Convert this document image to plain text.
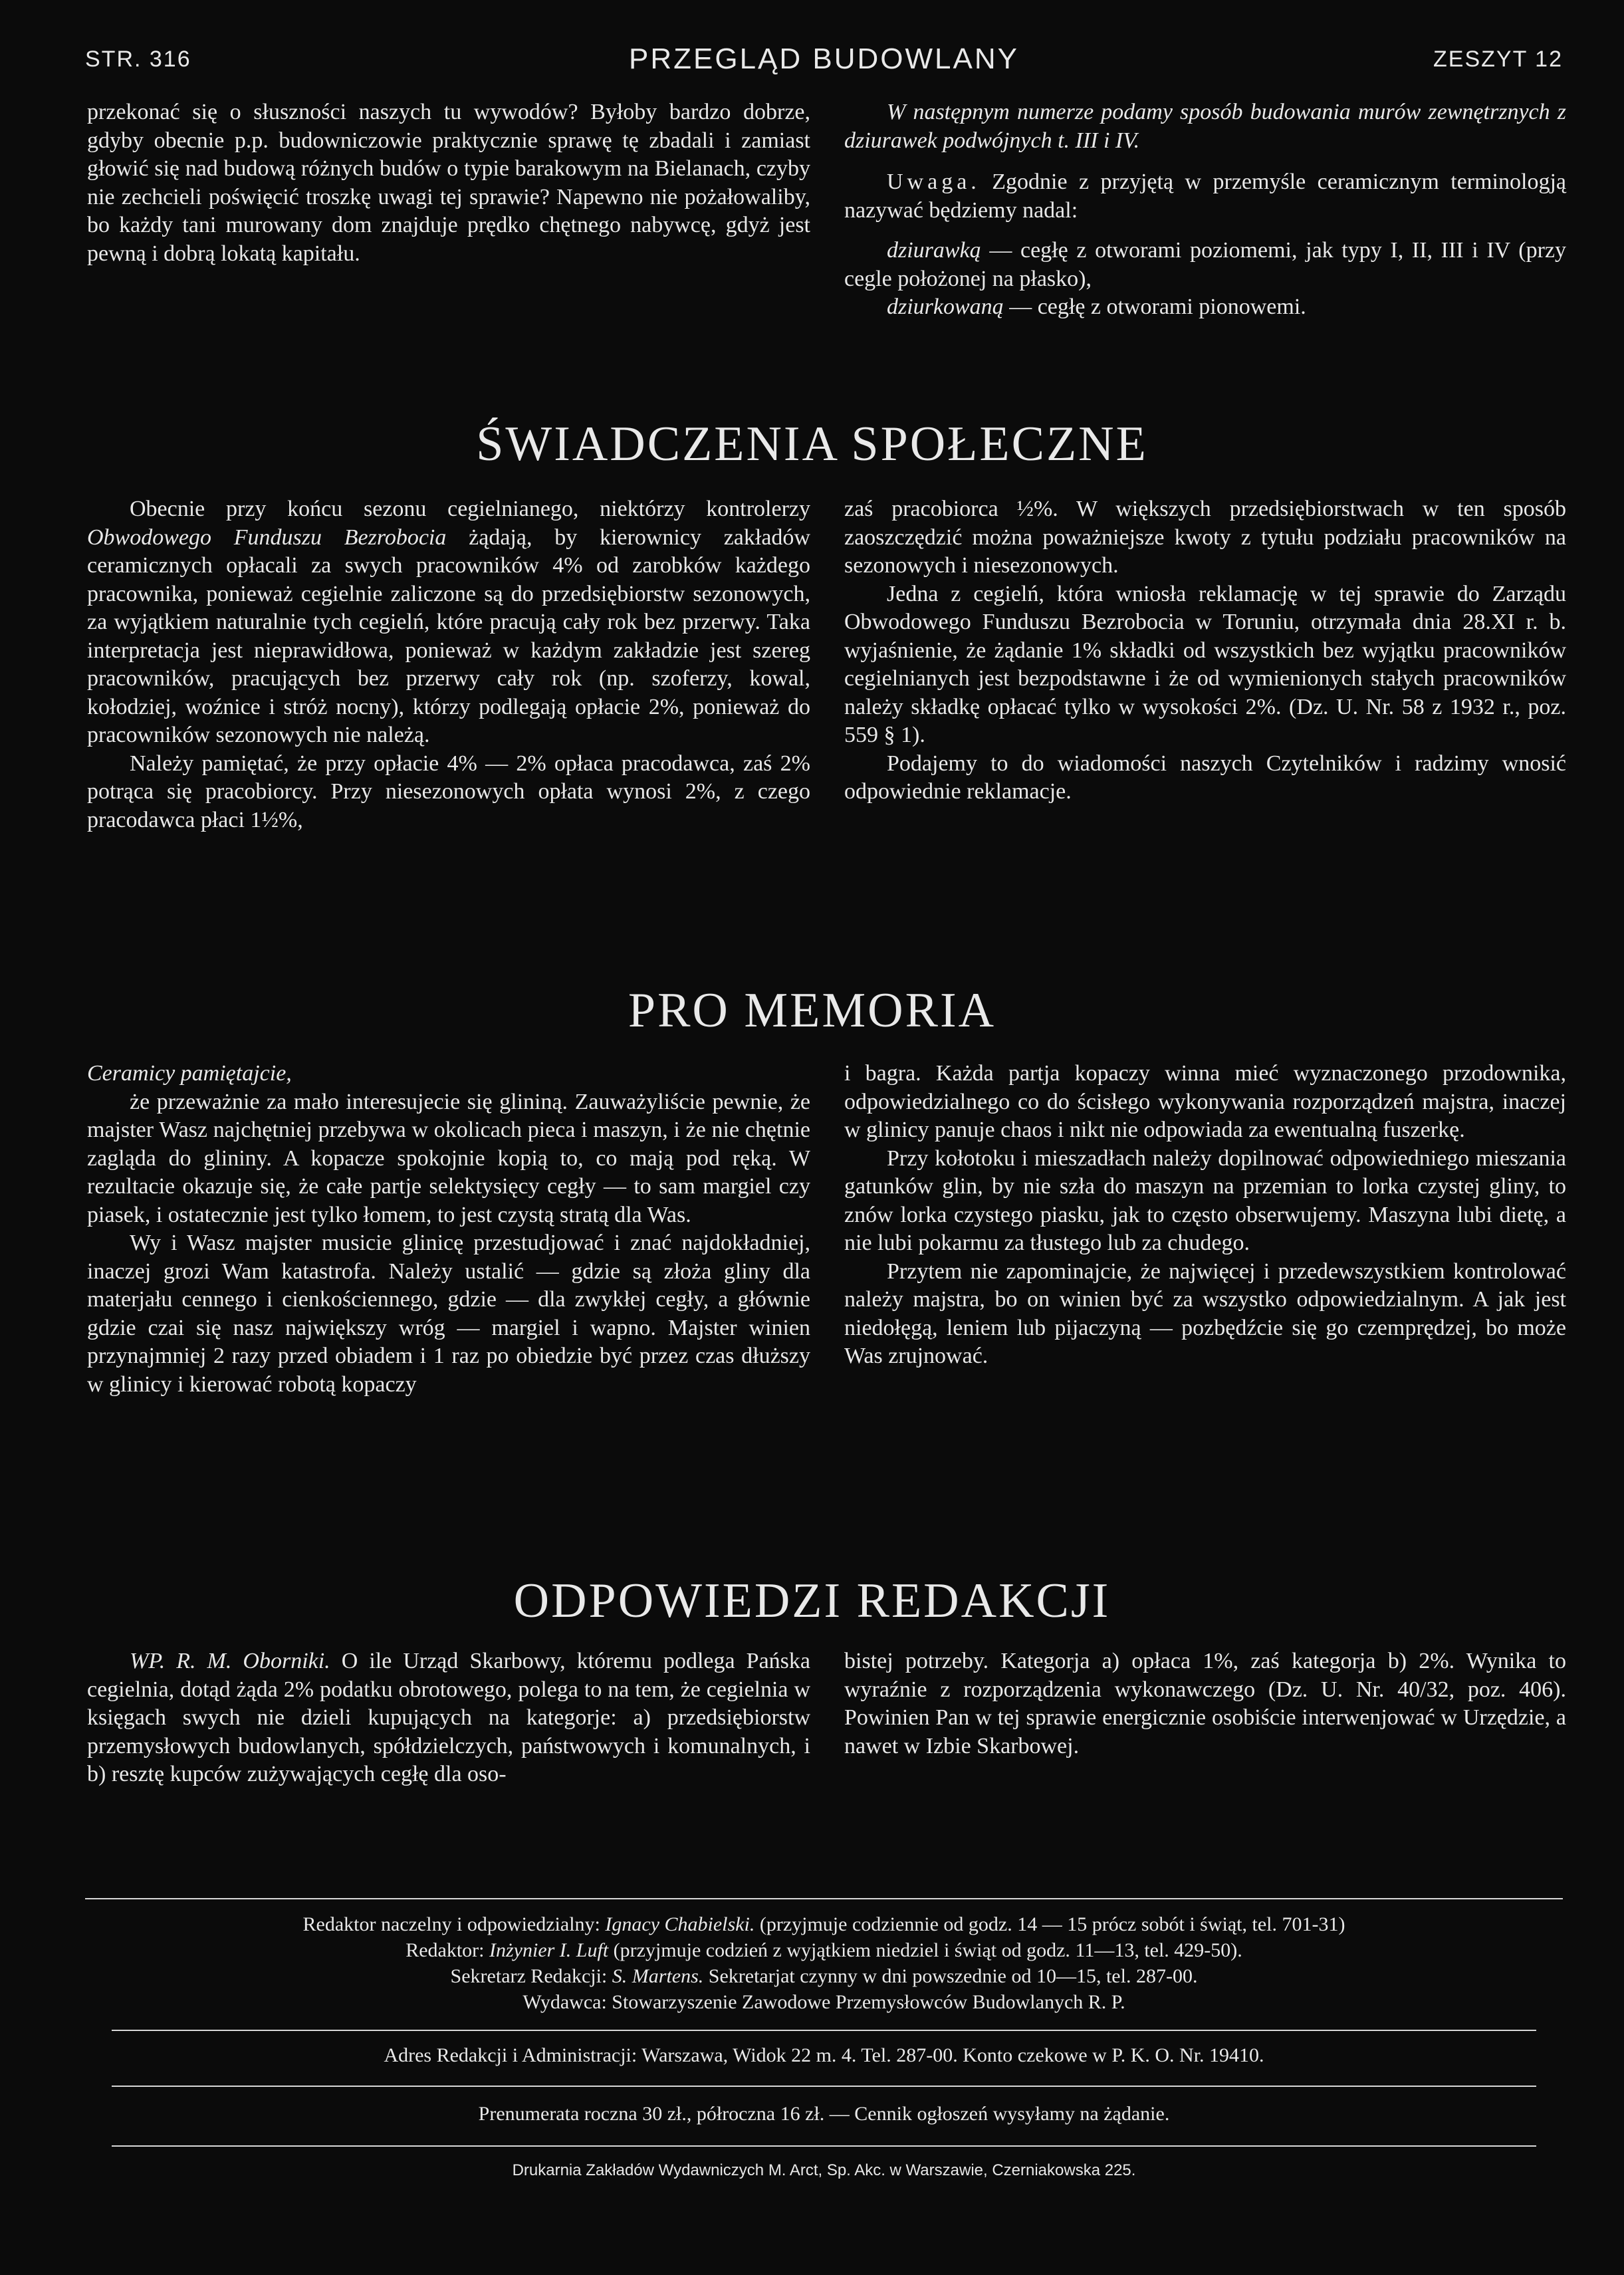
STR. 316	PRZEGLĄD BUDOWLANY	ZESZYT 12

przekonać się o słuszności naszych tu wywodów? Byłoby bardzo dobrze, gdyby obecnie p.p. budowniczowie praktycznie sprawę tę zbadali i zamiast głowić się nad budową różnych budów o typie barakowym na Bielanach, czyby nie zechcieli poświęcić troszkę uwagi tej sprawie? Napewno nie pożałowaliby, bo każdy tani murowany dom znajduje prędko chętnego nabywcę, gdyż jest pewną i dobrą lokatą kapitału.

W następnym numerze podamy sposób budowania murów zewnętrznych z dziurawek podwójnych t. III i IV.

Uwaga. Zgodnie z przyjętą w przemyśle ceramicznym terminologją nazywać będziemy nadal:

dziurawką — cegłę z otworami poziomemi, jak typy I, II, III i IV (przy cegle położonej na płasko),

dziurkowaną — cegłę z otworami pionowemi.

ŚWIADCZENIA SPOŁECZNE

Obecnie przy końcu sezonu cegielnianego, niektórzy kontrolerzy Obwodowego Funduszu Bezrobocia żądają, by kierownicy zakładów ceramicznych opłacali za swych pracowników 4% od zarobków każdego pracownika, ponieważ cegielnie zaliczone są do przedsiębiorstw sezonowych, za wyjątkiem naturalnie tych cegielń, które pracują cały rok bez przerwy. Taka interpretacja jest nieprawidłowa, ponieważ w każdym zakładzie jest szereg pracowników, pracujących bez przerwy cały rok (np. szoferzy, kowal, kołodziej, woźnice i stróż nocny), którzy podlegają opłacie 2%, ponieważ do pracowników sezonowych nie należą.

Należy pamiętać, że przy opłacie 4% — 2% opłaca pracodawca, zaś 2% potrąca się pracobiorcy. Przy niesezonowych opłata wynosi 2%, z czego pracodawca płaci 1½%,

zaś pracobiorca ½%. W większych przedsiębiorstwach w ten sposób zaoszczędzić można poważniejsze kwoty z tytułu podziału pracowników na sezonowych i niesezonowych.

Jedna z cegielń, która wniosła reklamację w tej sprawie do Zarządu Obwodowego Funduszu Bezrobocia w Toruniu, otrzymała dnia 28.XI r. b. wyjaśnienie, że żądanie 1% składki od wszystkich bez wyjątku pracowników cegielnianych jest bezpodstawne i że od wymienionych stałych pracowników należy składkę opłacać tylko w wysokości 2%. (Dz. U. Nr. 58 z 1932 r., poz. 559 § 1).

Podajemy to do wiadomości naszych Czytelników i radzimy wnosić odpowiednie reklamacje.

PRO MEMORIA

Ceramicy pamiętajcie,

że przeważnie za mało interesujecie się glininą. Zauważyliście pewnie, że majster Wasz najchętniej przebywa w okolicach pieca i maszyn, i że nie chętnie zagląda do glininy. A kopacze spokojnie kopią to, co mają pod ręką. W rezultacie okazuje się, że całe partje selektysięcy cegły — to sam margiel czy piasek, i ostatecznie jest tylko łomem, to jest czystą stratą dla Was.

Wy i Wasz majster musicie glinicę przestudjować i znać najdokładniej, inaczej grozi Wam katastrofa. Należy ustalić — gdzie są złoża gliny dla materjału cennego i cienkościennego, gdzie — dla zwykłej cegły, a głównie gdzie czai się nasz największy wróg — margiel i wapno. Majster winien przynajmniej 2 razy przed obiadem i 1 raz po obiedzie być przez czas dłuższy w glinicy i kierować robotą kopaczy

i bagra. Każda partja kopaczy winna mieć wyznaczonego przodownika, odpowiedzialnego co do ścisłego wykonywania rozporządzeń majstra, inaczej w glinicy panuje chaos i nikt nie odpowiada za ewentualną fuszerkę.

Przy kołotoku i mieszadłach należy dopilnować odpowiedniego mieszania gatunków glin, by nie szła do maszyn na przemian to lorka czystej gliny, to znów lorka czystego piasku, jak to często obserwujemy. Maszyna lubi dietę, a nie lubi pokarmu za tłustego lub za chudego.

Przytem nie zapominajcie, że najwięcej i przedewszystkiem kontrolować należy majstra, bo on winien być za wszystko odpowiedzialnym. A jak jest niedołęgą, leniem lub pijaczyną — pozbędźcie się go czemprędzej, bo może Was zrujnować.

ODPOWIEDZI REDAKCJI

WP. R. M. Oborniki. O ile Urząd Skarbowy, któremu podlega Pańska cegielnia, dotąd żąda 2% podatku obrotowego, polega to na tem, że cegielnia w księgach swych nie dzieli kupujących na kategorje: a) przedsiębiorstw przemysłowych budowlanych, spółdzielczych, państwowych i komunalnych, i b) resztę kupców zużywających cegłę dla oso-

bistej potrzeby. Kategorja a) opłaca 1%, zaś kategorja b) 2%. Wynika to wyraźnie z rozporządzenia wykonawczego (Dz. U. Nr. 40/32, poz. 406). Powinien Pan w tej sprawie energicznie osobiście interwenjować w Urzędzie, a nawet w Izbie Skarbowej.

Redaktor naczelny i odpowiedzialny: Ignacy Chabielski. (przyjmuje codziennie od godz. 14 — 15 prócz sobót i świąt, tel. 701-31)
Redaktor: Inżynier I. Luft (przyjmuje codzień z wyjątkiem niedziel i świąt od godz. 11—13, tel. 429-50).
Sekretarz Redakcji: S. Martens. Sekretarjat czynny w dni powszednie od 10—15, tel. 287-00.
Wydawca: Stowarzyszenie Zawodowe Przemysłowców Budowlanych R. P.
Adres Redakcji i Administracji: Warszawa, Widok 22 m. 4. Tel. 287-00. Konto czekowe w P. K. O. Nr. 19410.
Prenumerata roczna 30 zł., półroczna 16 zł. — Cennik ogłoszeń wysyłamy na żądanie.
Drukarnia Zakładów Wydawniczych M. Arct, Sp. Akc. w Warszawie, Czerniakowska 225.
